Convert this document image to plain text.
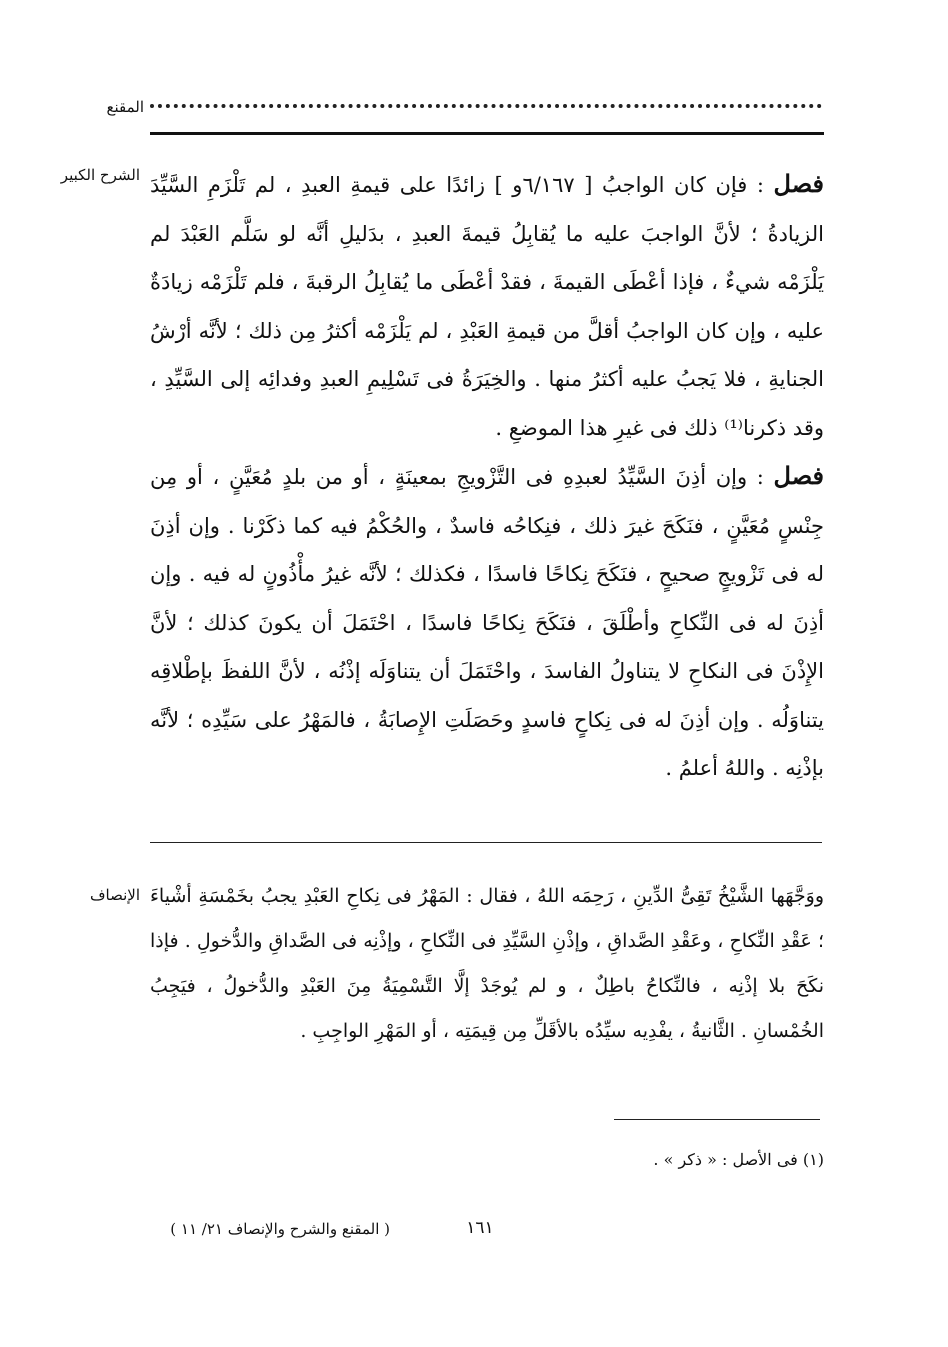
المقنع
الشرح الكبير	فصل : فإن كان الواجبُ [ ٦/١٦٧و ] زائدًا على قيمةِ العبدِ ، لم تَلْزَمِ السَّيِّدَ الزيادةُ ؛ لأنَّ الواجبَ عليه ما يُقابِلُ قيمةَ العبدِ ، بدَليلِ أنَّه لو سَلَّم العَبْدَ لم يَلْزَمْه شيءٌ ، فإذا أعْطَى القيمةَ ، فقدْ أعْطَى ما يُقابِلُ الرقبةَ ، فلم تَلْزَمْه زيادَةٌ عليه ، وإن كان الواجبُ أقلَّ من قيمةِ العَبْدِ ، لم يَلْزَمْه أكثرُ مِن ذلك ؛ لأنَّه أرْشُ الجنايةِ ، فلا يَجبُ عليه أكثرُ منها . والخِيَرَةُ فى تَسْلِيمِ العبدِ وفدائِه إلى السَّيِّدِ ، وقد ذكرنا⁽¹⁾ ذلك فى غيرِ هذا الموضعِ .

فصل : وإن أذِنَ السَّيِّدُ لعبدِهِ فى التَّزْويجِ بمعينَةٍ ، أو من بلدٍ مُعَيَّنٍ ، أو مِن جِنْسٍ مُعَيَّنٍ ، فنَكَحَ غيرَ ذلك ، فنِكاحُه فاسدٌ ، والحُكْمُ فيه كما ذكَرْنا . وإن أذِنَ له فى تَزْويجٍ صحيحٍ ، فنَكَحَ نِكاحًا فاسدًا ، فكذلك ؛ لأنَّه غيرُ مأْذُونٍ له فيه . وإن أذِنَ له فى النِّكاحِ وأطْلَقَ ، فنَكَحَ نِكاحًا فاسدًا ، احْتَمَلَ أن يكونَ كذلك ؛ لأنَّ الإِذْنَ فى النكاحِ لا يتناولُ الفاسدَ ، واحْتَمَلَ أن يتناوَلَه إذْنُه ، لأنَّ اللفظَ بإطْلاقِه يتناوَلُه . وإن أذِنَ له فى نِكاحٍ فاسدٍ وحَصَلَتِ الإِصابَةُ ، فالمَهْرُ على سَيِّدِه ؛ لأنَّه بإذْنِه . واللهُ أعلمُ .

الإنصاف ووَجَّهَها الشَّيْخُ تَقِىُّ الدِّينِ ، رَحِمَه اللهُ ، فقال : المَهْرُ فى نِكاحِ العَبْدِ يجبُ بخَمْسَةِ أشْياءَ ؛ عَقْدِ النِّكاحِ ، وعَقْدِ الصَّداقِ ، وإذْنِ السَّيِّدِ فى النِّكاحِ ، وإذْنِه فى الصَّداقِ والدُّخولِ . فإذا نكَحَ بلا إذْنِه ، فالنِّكاحُ باطِلٌ ، و لم يُوجَدْ إلَّا التَّسْمِيَةُ مِنَ العَبْدِ والدُّخولُ ، فيَجِبُ الخُمْسانِ . الثَّانيةُ ، يفْدِيه سيِّدُه بالأقَلِّ مِن قِيمَتِه ، أو المَهْرِ الواجِبِ .

(١) فى الأصل : « ذكر » .
١٦١
( المقنع والشرح والإنصاف ٢١/ ١١ )
